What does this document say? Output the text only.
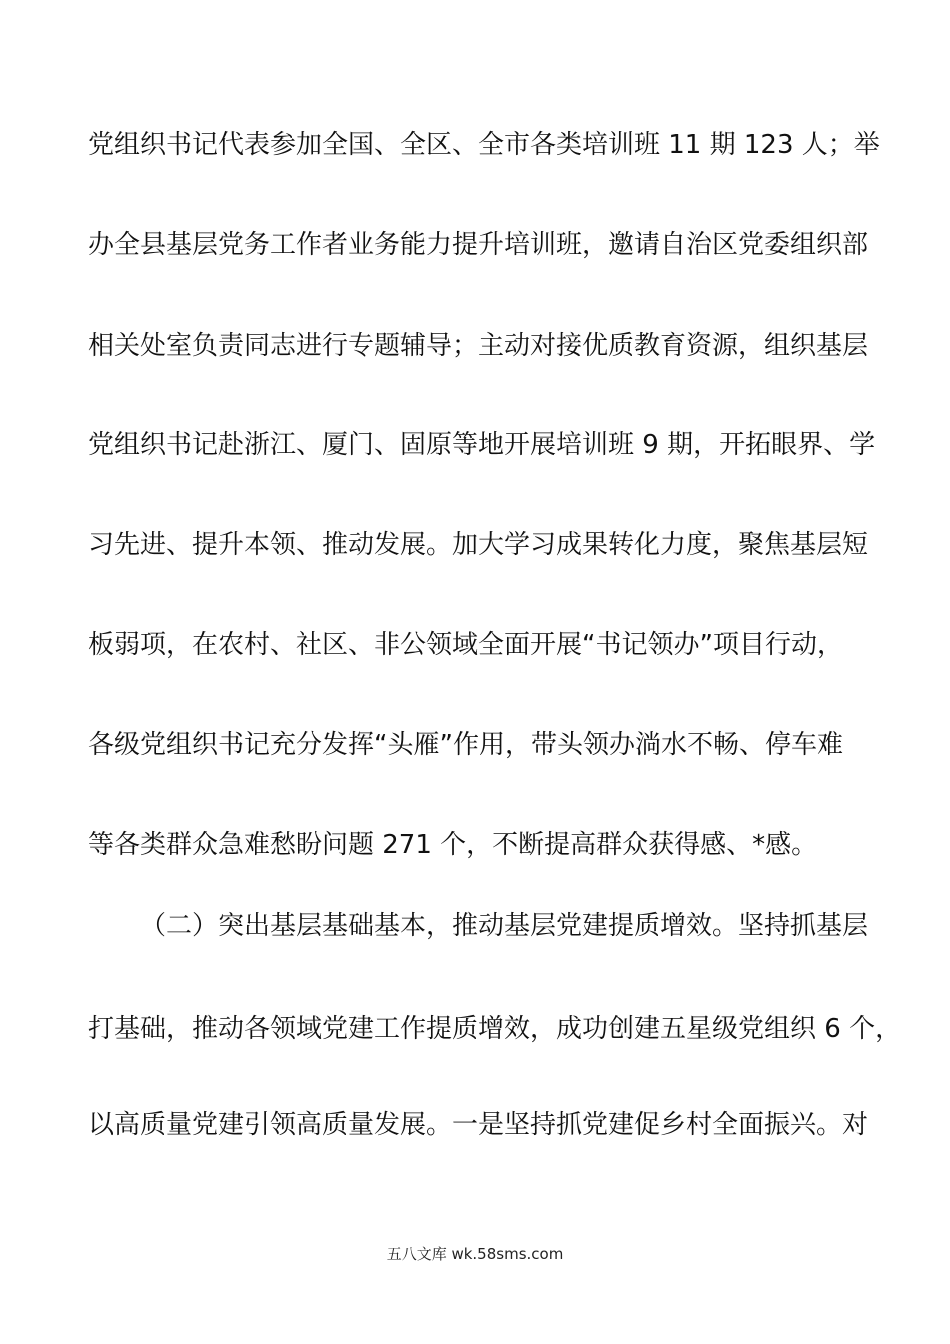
党组织书记代表参加全国、全区、全市各类培训班 11 期 123 人；举
办全县基层党务工作者业务能力提升培训班，邀请自治区党委组织部
相关处室负责同志进行专题辅导；主动对接优质教育资源，组织基层
党组织书记赴浙江、厦门、固原等地开展培训班 9 期，开拓眼界、学
习先进、提升本领、推动发展。加大学习成果转化力度，聚焦基层短
板弱项，在农村、社区、非公领域全面开展“书记领办”项目行动，
各级党组织书记充分发挥“头雁”作用，带头领办淌水不畅、停车难
等各类群众急难愁盼问题 271 个，不断提高群众获得感、*感。
（二）突出基层基础基本，推动基层党建提质增效。坚持抓基层
打基础，推动各领域党建工作提质增效，成功创建五星级党组织 6 个，
以高质量党建引领高质量发展。一是坚持抓党建促乡村全面振兴。对
五八文库 wk.58sms.com
